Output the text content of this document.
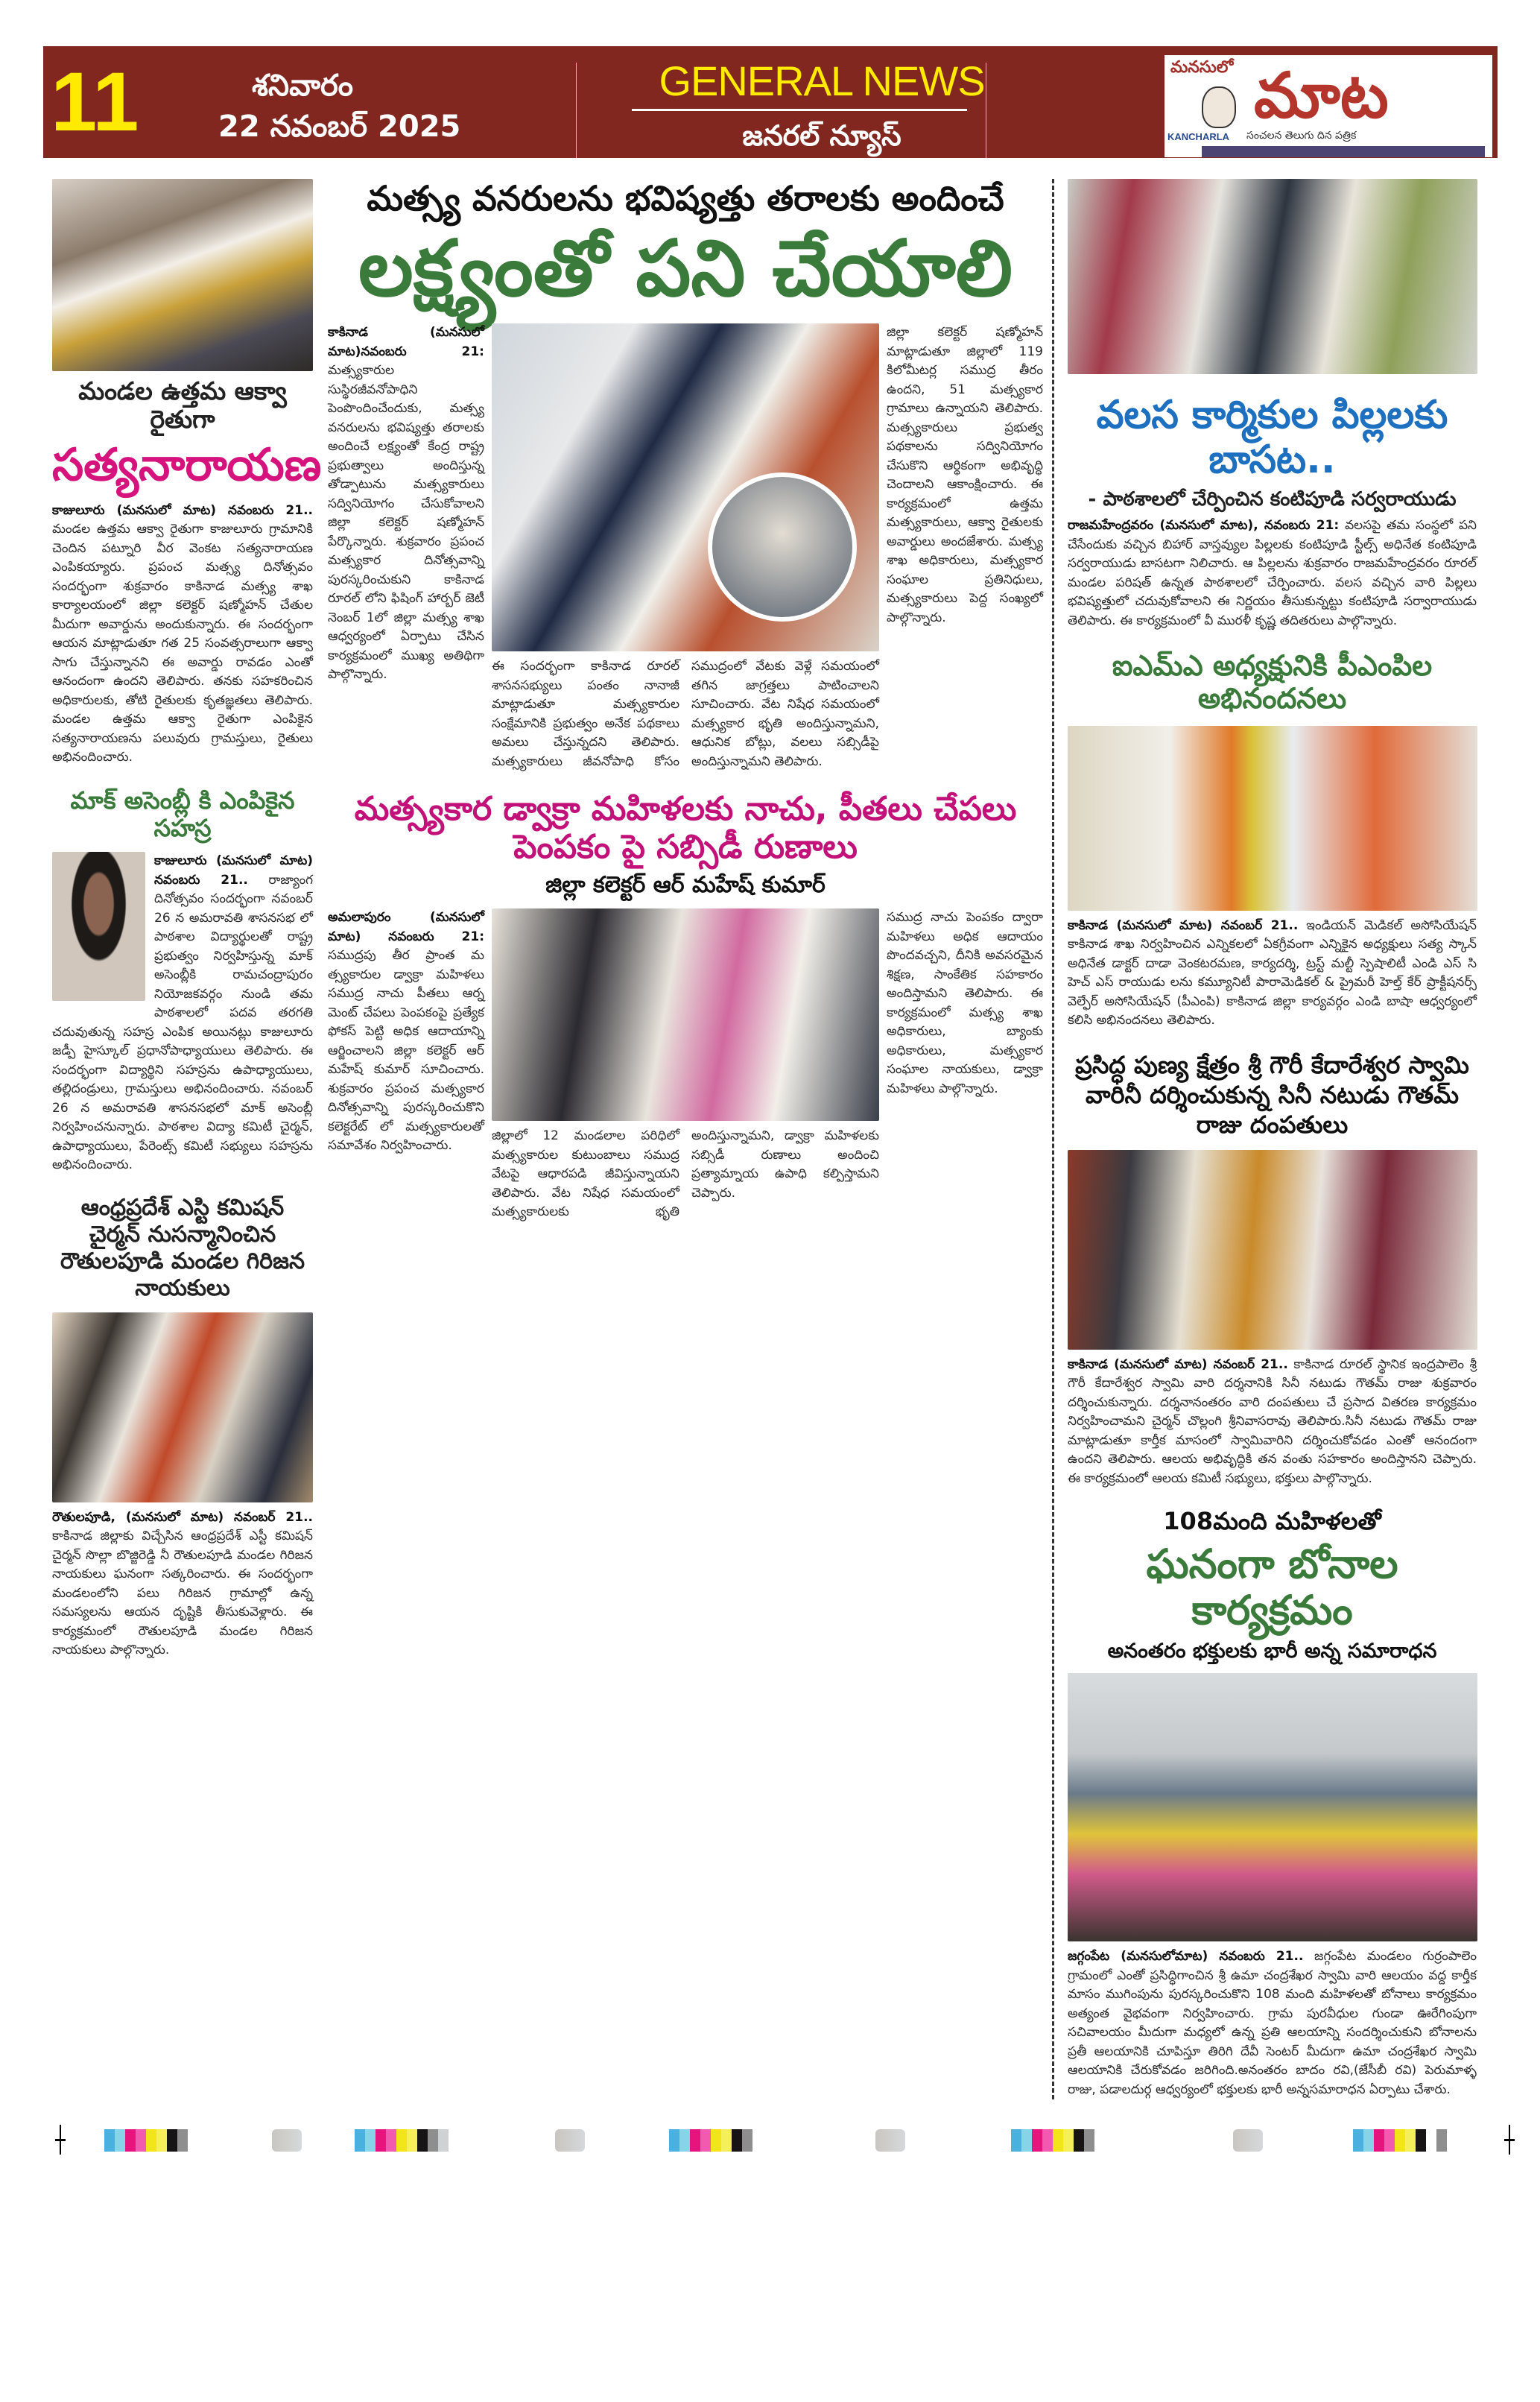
11	శనివారం
22 నవంబర్ 2025
GENERAL NEWS
జనరల్ న్యూస్
మనసులో మాట
KANCHARLA సంచలన తెలుగు దిన పత్రిక
మండల ఉత్తమ ఆక్వా రైతుగా
సత్యనారాయణ
కాజులూరు (మనసులో మాట) నవంబరు 21.. మండల ఉత్తమ ఆక్వా రైతుగా కాజులూరు గ్రామానికి చెందిన పట్నూరి వీర వెంకట సత్యనారాయణ ఎంపికయ్యారు. ప్రపంచ మత్స్య దినోత్సవం సందర్భంగా శుక్రవారం కాకినాడ మత్స్య శాఖ కార్యాలయంలో జిల్లా కలెక్టర్ షణ్మోహన్ చేతుల మీదుగా అవార్డును అందుకున్నారు. ఈ సందర్భంగా ఆయన మాట్లాడుతూ గత 25 సంవత్సరాలుగా ఆక్వా సాగు చేస్తున్నానని ఈ అవార్డు రావడం ఎంతో ఆనందంగా ఉందని తెలిపారు. తనకు సహకరించిన అధికారులకు, తోటి రైతులకు కృతజ్ఞతలు తెలిపారు. మండల ఉత్తమ ఆక్వా రైతుగా ఎంపికైన సత్యనారాయణను పలువురు గ్రామస్తులు, రైతులు అభినందించారు.
మాక్ అసెంబ్లీ కి ఎంపికైన సహస్ర
కాజులూరు (మనసులో మాట) నవంబరు 21.. రాజ్యాంగ దినోత్సవం సందర్భంగా నవంబర్ 26 న అమరావతి శాసనసభ లో పాఠశాల విద్యార్థులతో రాష్ట్ర ప్రభుత్వం నిర్వహిస్తున్న మాక్ అసెంబ్లీకి రామచంద్రాపురం నియోజకవర్గం నుండి తమ పాఠశాలలో పదవ తరగతి చదువుతున్న సహస్ర ఎంపిక అయినట్లు కాజులూరు జడ్పీ హైస్కూల్ ప్రధానోపాధ్యాయులు తెలిపారు. ఈ సందర్భంగా విద్యార్థిని సహస్రను ఉపాధ్యాయులు, తల్లిదండ్రులు, గ్రామస్తులు అభినందించారు. నవంబర్ 26 న అమరావతి శాసనసభలో మాక్ అసెంబ్లీ నిర్వహించనున్నారు. పాఠశాల విద్యా కమిటీ చైర్మన్, ఉపాధ్యాయులు, పేరెంట్స్ కమిటీ సభ్యులు సహస్రను అభినందించారు.
ఆంధ్రప్రదేశ్ ఎస్టి కమిషన్ చైర్మన్ నుసన్మానించిన రౌతులపూడి మండల గిరిజన నాయకులు
రౌతులపూడి, (మనసులో మాట) నవంబర్ 21.. కాకినాడ జిల్లాకు విచ్చేసిన ఆంధ్రప్రదేశ్ ఎస్టీ కమిషన్ చైర్మన్ సొల్లా బొజ్జిరెడ్డి నీ రౌతులపూడి మండల గిరిజన నాయకులు ఘనంగా సత్కరించారు. ఈ సందర్భంగా మండలంలోని పలు గిరిజన గ్రామాల్లో ఉన్న సమస్యలను ఆయన దృష్టికి తీసుకువెళ్లారు. ఈ కార్యక్రమంలో రౌతులపూడి మండల గిరిజన నాయకులు పాల్గొన్నారు.
మత్స్య వనరులను భవిష్యత్తు తరాలకు అందించే
లక్ష్యంతో పని చేయాలి
కాకినాడ (మనసులో మాట)నవంబరు 21: మత్స్యకారుల సుస్థిరజీవనోపాధిని పెంపొందించేందుకు, మత్స్య వనరులను భవిష్యత్తు తరాలకు అందించే లక్ష్యంతో కేంద్ర రాష్ట్ర ప్రభుత్వాలు అందిస్తున్న తోడ్పాటును మత్స్యకారులు సద్వినియోగం చేసుకోవాలని జిల్లా కలెక్టర్ షణ్మోహన్ పేర్కొన్నారు. శుక్రవారం ప్రపంచ మత్స్యకార దినోత్సవాన్ని పురస్కరించుకుని కాకినాడ రూరల్ లోని ఫిషింగ్ హార్బర్ జెటీ నెంబర్ 1లో జిల్లా మత్స్య శాఖ ఆధ్వర్యంలో ఏర్పాటు చేసిన కార్యక్రమంలో ముఖ్య అతిథిగా పాల్గొన్నారు.
ఈ సందర్భంగా కాకినాడ రూరల్ శాసనసభ్యులు పంతం నానాజీ మాట్లాడుతూ మత్స్యకారుల సంక్షేమానికి ప్రభుత్వం అనేక పథకాలు అమలు చేస్తున్నదని తెలిపారు. మత్స్యకారులు జీవనోపాధి కోసం సముద్రంలో వేటకు వెళ్లే సమయంలో తగిన జాగ్రత్తలు పాటించాలని సూచించారు. వేట నిషేధ సమయంలో మత్స్యకార భృతి అందిస్తున్నామని, ఆధునిక బోట్లు, వలలు సబ్సిడీపై అందిస్తున్నామని తెలిపారు.
జిల్లా కలెక్టర్ షణ్మోహన్ మాట్లాడుతూ జిల్లాలో 119 కిలోమీటర్ల సముద్ర తీరం ఉందని, 51 మత్స్యకార గ్రామాలు ఉన్నాయని తెలిపారు. మత్స్యకారులు ప్రభుత్వ పథకాలను సద్వినియోగం చేసుకొని ఆర్థికంగా అభివృద్ధి చెందాలని ఆకాంక్షించారు. ఈ కార్యక్రమంలో ఉత్తమ మత్స్యకారులు, ఆక్వా రైతులకు అవార్డులు అందజేశారు. మత్స్య శాఖ అధికారులు, మత్స్యకార సంఘాల ప్రతినిధులు, మత్స్యకారులు పెద్ద సంఖ్యలో పాల్గొన్నారు.
మత్స్యకార డ్వాక్రా మహిళలకు నాచు, పీతలు చేపలు పెంపకం పై సబ్సిడీ రుణాలు
జిల్లా కలెక్టర్ ఆర్ మహేష్ కుమార్
అమలాపురం (మనసులో మాట) నవంబరు 21: సముద్రపు తీర ప్రాంత మ త్స్యకారుల డ్వాక్రా మహిళలు సముద్ర నాచు పీతలు ఆర్న మెంట్ చేపలు పెంపకంపై ప్రత్యేక ఫోకస్ పెట్టి అధిక ఆదాయాన్ని ఆర్జించాలని జిల్లా కలెక్టర్ ఆర్ మహేష్ కుమార్ సూచించారు. శుక్రవారం ప్రపంచ మత్స్యకార దినోత్సవాన్ని పురస్కరించుకొని కలెక్టరేట్ లో మత్స్యకారులతో సమావేశం నిర్వహించారు.
జిల్లాలో 12 మండలాల పరిధిలో మత్స్యకారుల కుటుంబాలు సముద్ర వేటపై ఆధారపడి జీవిస్తున్నాయని తెలిపారు. వేట నిషేధ సమయంలో మత్స్యకారులకు భృతి అందిస్తున్నామని, డ్వాక్రా మహిళలకు సబ్సిడీ రుణాలు అందించి ప్రత్యామ్నాయ ఉపాధి కల్పిస్తామని చెప్పారు.
సముద్ర నాచు పెంపకం ద్వారా మహిళలు అధిక ఆదాయం పొందవచ్చని, దీనికి అవసరమైన శిక్షణ, సాంకేతిక సహకారం అందిస్తామని తెలిపారు. ఈ కార్యక్రమంలో మత్స్య శాఖ అధికారులు, బ్యాంకు అధికారులు, మత్స్యకార సంఘాల నాయకులు, డ్వాక్రా మహిళలు పాల్గొన్నారు.
వలస కార్మికుల పిల్లలకు బాసట..
- పాఠశాలలో చేర్పించిన కంటిపూడి సర్వరాయుడు
రాజమహేంద్రవరం (మనసులో మాట), నవంబరు 21: వలసపై తమ సంస్థలో పని చేసేందుకు వచ్చిన బిహార్ వాస్తవ్యుల పిల్లలకు కంటిపూడి స్టీల్స్ అధినేత కంటిపూడి సర్వరాయుడు బాసటగా నిలిచారు. ఆ పిల్లలను శుక్రవారం రాజమహేంద్రవరం రూరల్ మండల పరిషత్ ఉన్నత పాఠశాలలో చేర్పించారు. వలస వచ్చిన వారి పిల్లలు భవిష్యత్తులో చదువుకోవాలని ఈ నిర్ణయం తీసుకున్నట్టు కంటిపూడి సర్వారాయుడు తెలిపారు. ఈ కార్యక్రమంలో వీ మురళీ కృష్ణ తదితరులు పాల్గొన్నారు.
ఐఎమ్ఎ అధ్యక్షునికి పీఎంపిల అభినందనలు
కాకినాడ (మనసులో మాట) నవంబర్ 21.. ఇండియన్ మెడికల్ అసోసియేషన్ కాకినాడ శాఖ నిర్వహించిన ఎన్నికలలో ఏకగ్రీవంగా ఎన్నికైన అధ్యక్షులు సత్య స్కాన్ అధినేత డాక్టర్ దాడా వెంకటరమణ, కార్యదర్శి, ట్రస్ట్ మల్టీ స్పెషాలిటీ ఎండి ఎస్ సి హెచ్ ఎస్ రాయుడు లను కమ్యూనిటీ పారామెడికల్ & ప్రైమరీ హెల్త్ కేర్ ప్రాక్టీషనర్స్ వెల్ఫేర్ అసోసియేషన్ (పీఎంపి) కాకినాడ జిల్లా కార్యవర్గం ఎండి బాషా ఆధ్వర్యంలో కలిసి అభినందనలు తెలిపారు.
ప్రసిద్ధ పుణ్య క్షేత్రం శ్రీ గౌరీ కేదారేశ్వర స్వామి వారినీ దర్శించుకున్న సినీ నటుడు గౌతమ్ రాజు దంపతులు
కాకినాడ (మనసులో మాట) నవంబర్ 21.. కాకినాడ రూరల్ స్థానిక ఇంద్రపాలెం శ్రీ గౌరీ కేదారేశ్వర స్వామి వారి దర్శనానికి సినీ నటుడు గౌతమ్ రాజు శుక్రవారం దర్శించుకున్నారు. దర్శనానంతరం వారి దంపతులు చే ప్రసాద వితరణ కార్యక్రమం నిర్వహించామని చైర్మన్ చొల్లంగి శ్రీనివాసరావు తెలిపారు.సినీ నటుడు గౌతమ్ రాజు మాట్లాడుతూ కార్తీక మాసంలో స్వామివారిని దర్శించుకోవడం ఎంతో ఆనందంగా ఉందని తెలిపారు. ఆలయ అభివృద్ధికి తన వంతు సహకారం అందిస్తానని చెప్పారు. ఈ కార్యక్రమంలో ఆలయ కమిటీ సభ్యులు, భక్తులు పాల్గొన్నారు.
108మంది మహిళలతో
ఘనంగా బోనాల కార్యక్రమం
అనంతరం భక్తులకు భారీ అన్న సమారాధన
జగ్గంపేట (మనసులోమాట) నవంబరు 21.. జగ్గంపేట మండలం గుర్రంపాలెం గ్రామంలో ఎంతో ప్రసిద్ధిగాంచిన శ్రీ ఉమా చంద్రశేఖర స్వామి వారి ఆలయం వద్ద కార్తీక మాసం ముగింపును పురస్కరించుకొని 108 మంది మహిళలతో బోనాలు కార్యక్రమం అత్యంత వైభవంగా నిర్వహించారు. గ్రామ పురవీధుల గుండా ఊరేగింపుగా సచివాలయం మీదుగా మధ్యలో ఉన్న ప్రతి ఆలయాన్ని సందర్శించుకుని బోనాలను ప్రతీ ఆలయానికి చూపిస్తూ తిరిగి దేవీ సెంటర్ మీదుగా ఉమా చంద్రశేఖర స్వామి ఆలయానికి చేరుకోవడం జరిగింది.అనంతరం బాదం రవి,(జేసీబీ రవి) పెరుమాళ్ళ రాజు, పడాలదుర్గ ఆధ్వర్యంలో భక్తులకు భారీ అన్నసమారాధన ఏర్పాటు చేశారు.
